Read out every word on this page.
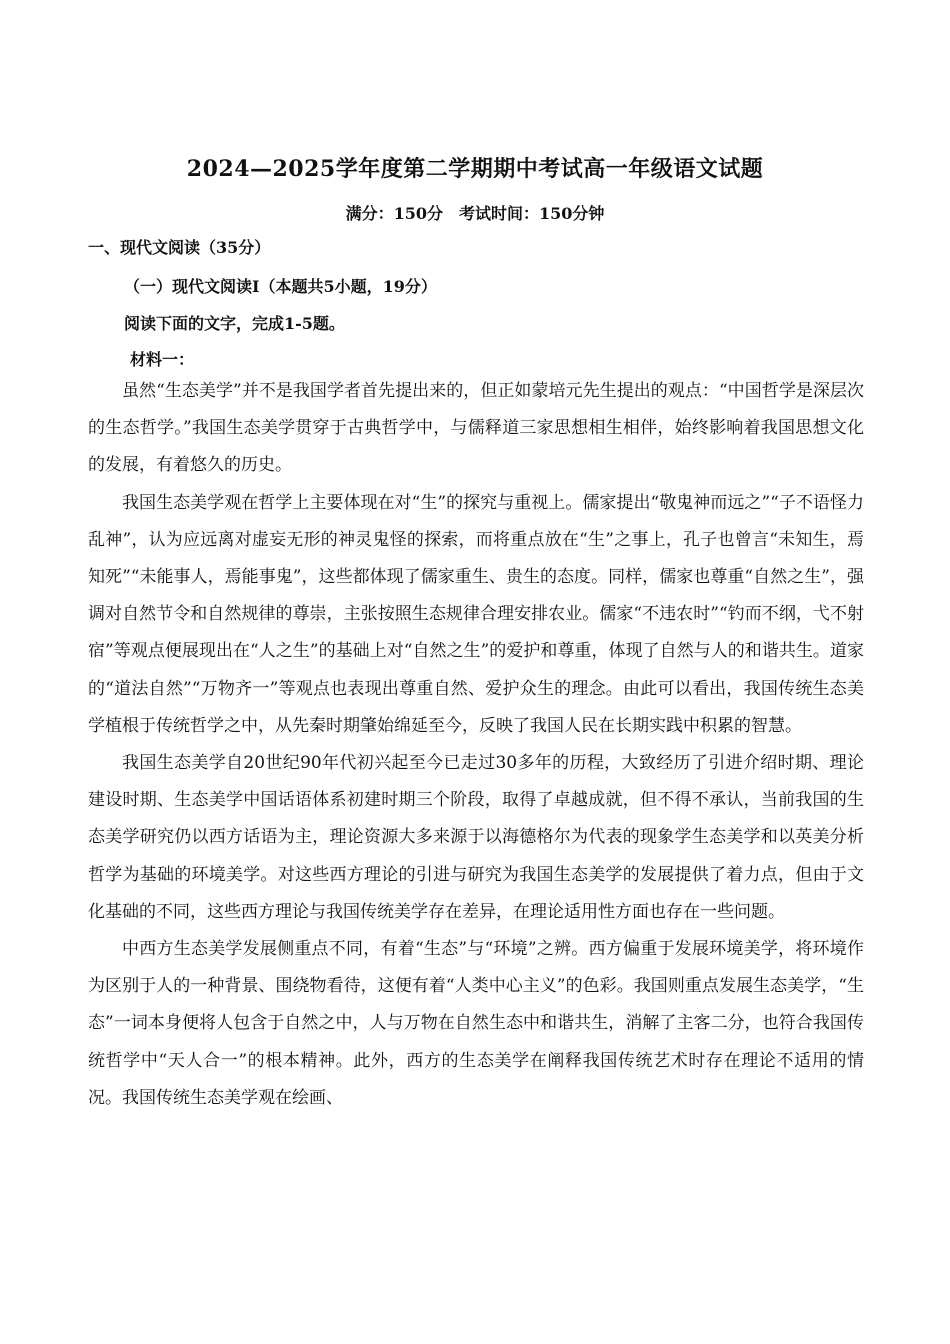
2024—2025学年度第二学期期中考试高一年级语文试题
满分：150分　考试时间：150分钟
一、现代文阅读（35分）
（一）现代文阅读Ⅰ（本题共5小题，19分）
阅读下面的文字，完成1-5题。
材料一：

虽然“生态美学”并不是我国学者首先提出来的，但正如蒙培元先生提出的观点：“中国哲学是深层次的生态哲学。”我国生态美学贯穿于古典哲学中，与儒释道三家思想相生相伴，始终影响着我国思想文化的发展，有着悠久的历史。

我国生态美学观在哲学上主要体现在对“生”的探究与重视上。儒家提出“敬鬼神而远之”“子不语怪力乱神”，认为应远离对虚妄无形的神灵鬼怪的探索，而将重点放在“生”之事上，孔子也曾言“未知生，焉知死”“未能事人，焉能事鬼”，这些都体现了儒家重生、贵生的态度。同样，儒家也尊重“自然之生”，强调对自然节令和自然规律的尊崇，主张按照生态规律合理安排农业。儒家“不违农时”“钓而不纲，弋不射宿”等观点便展现出在“人之生”的基础上对“自然之生”的爱护和尊重，体现了自然与人的和谐共生。道家的“道法自然”“万物齐一”等观点也表现出尊重自然、爱护众生的理念。由此可以看出，我国传统生态美学植根于传统哲学之中，从先秦时期肇始绵延至今，反映了我国人民在长期实践中积累的智慧。

我国生态美学自20世纪90年代初兴起至今已走过30多年的历程，大致经历了引进介绍时期、理论建设时期、生态美学中国话语体系初建时期三个阶段，取得了卓越成就，但不得不承认，当前我国的生态美学研究仍以西方话语为主，理论资源大多来源于以海德格尔为代表的现象学生态美学和以英美分析哲学为基础的环境美学。对这些西方理论的引进与研究为我国生态美学的发展提供了着力点，但由于文化基础的不同，这些西方理论与我国传统美学存在差异，在理论适用性方面也存在一些问题。

中西方生态美学发展侧重点不同，有着“生态”与“环境”之辨。西方偏重于发展环境美学，将环境作为区别于人的一种背景、围绕物看待，这便有着“人类中心主义”的色彩。我国则重点发展生态美学，“生态”一词本身便将人包含于自然之中，人与万物在自然生态中和谐共生，消解了主客二分，也符合我国传统哲学中“天人合一”的根本精神。此外，西方的生态美学在阐释我国传统艺术时存在理论不适用的情况。我国传统生态美学观在绘画、
